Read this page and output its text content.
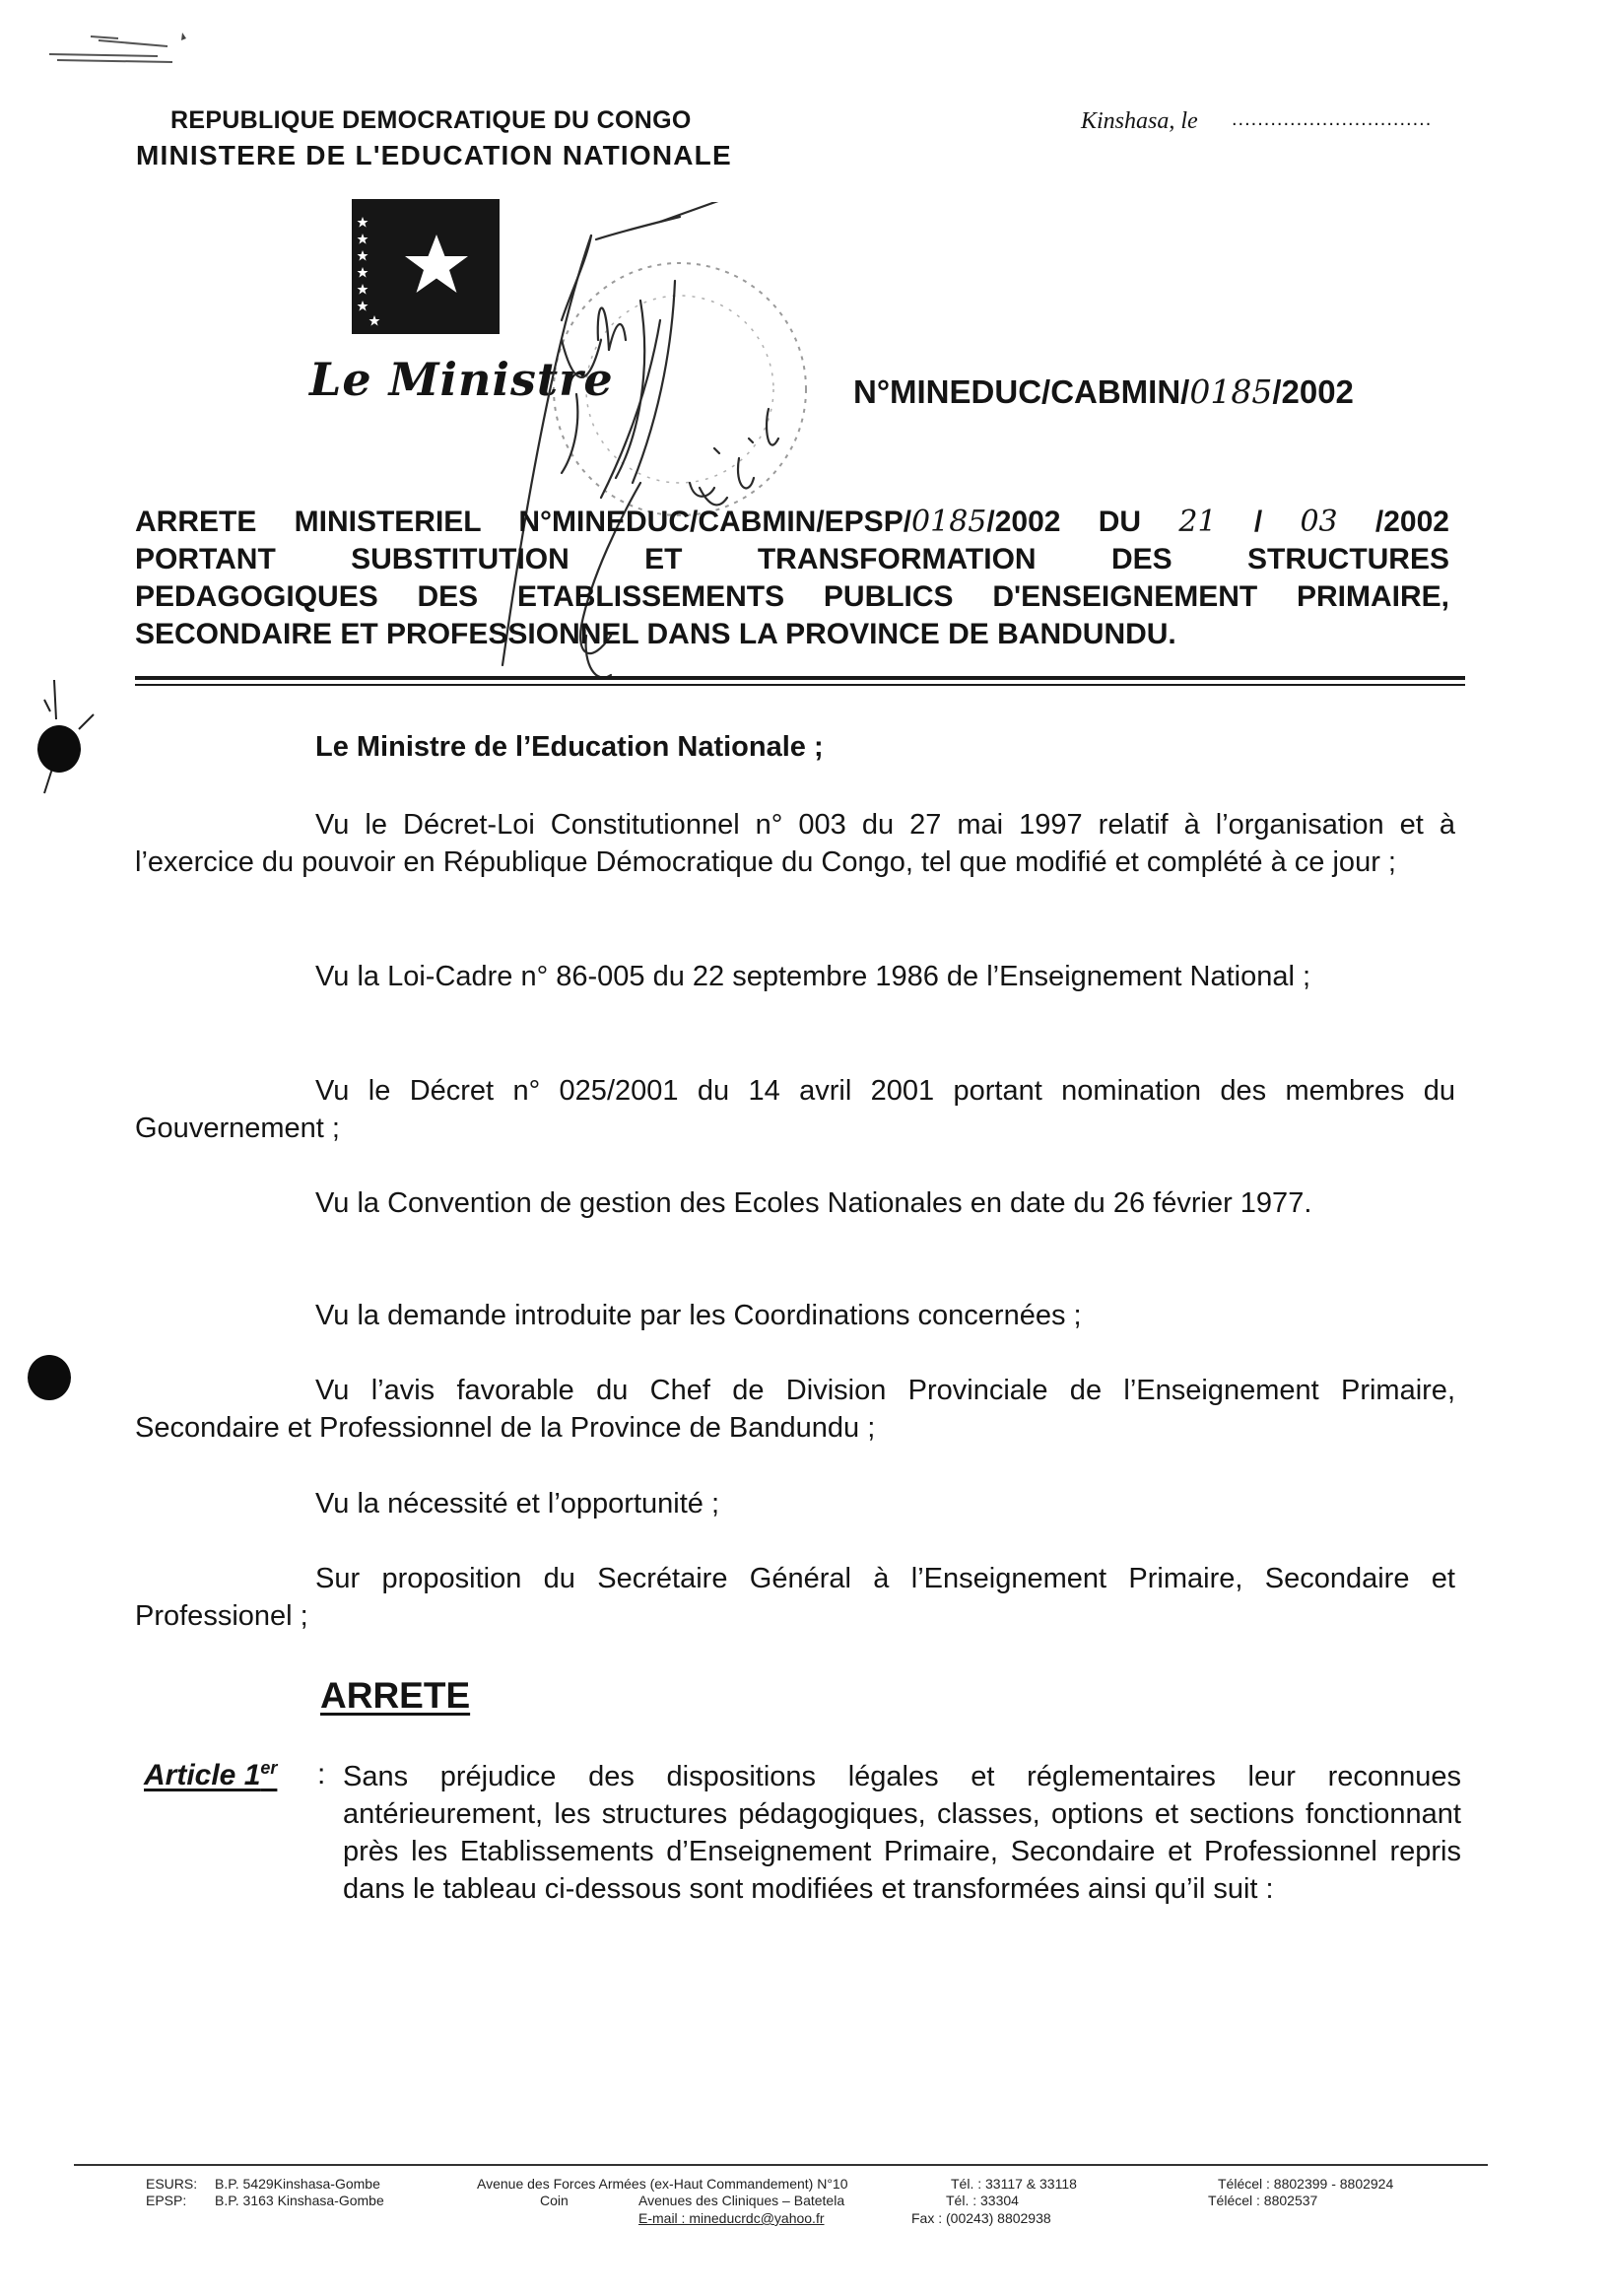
REPUBLIQUE DEMOCRATIQUE DU CONGO
MINISTERE DE L'EDUCATION NATIONALE
Kinshasa, le ...............................
Le Ministre	N°MINEDUC/CABMIN/0185/2002
ARRETE MINISTERIEL N°MINEDUC/CABMIN/EPSP/0185/2002 DU 21 / 03 /2002
PORTANT SUBSTITUTION ET TRANSFORMATION DES STRUCTURES
PEDAGOGIQUES DES ETABLISSEMENTS PUBLICS D'ENSEIGNEMENT PRIMAIRE,
SECONDAIRE ET PROFESSIONNEL DANS LA PROVINCE DE BANDUNDU.
Le Ministre de l’Education Nationale ;

Vu le Décret-Loi Constitutionnel n° 003 du 27 mai 1997 relatif à l’organisation et à l’exercice du pouvoir en République Démocratique du Congo, tel que modifié et complété à ce jour ;

Vu la Loi-Cadre n° 86-005 du 22 septembre 1986 de l’Enseignement National ;

Vu le Décret n° 025/2001 du 14 avril 2001 portant nomination des membres du Gouvernement ;

Vu la Convention de gestion des Ecoles Nationales en date du 26 février 1977.

Vu la demande introduite par les Coordinations concernées ;

Vu l’avis favorable du Chef de Division Provinciale de l’Enseignement Primaire, Secondaire et Professionnel de la Province de Bandundu ;

Vu la nécessité et l’opportunité ;

Sur proposition du Secrétaire Général à l’Enseignement Primaire, Secondaire et Professionel ;

ARRETE
Article 1er : Sans préjudice des dispositions légales et réglementaires leur reconnues antérieurement, les structures pédagogiques, classes, options et sections fonctionnant près les Etablissements d’Enseignement Primaire, Secondaire et Professionnel repris dans le tableau ci-dessous sont modifiées et transformées ainsi qu’il suit :

ESURS: B.P. 5429Kinshasa-Gombe
EPSP: B.P. 3163 Kinshasa-Gombe
Avenue des Forces Armées (ex-Haut Commandement) N°10
Coin	Avenues des Cliniques – Batetela
E-mail : mineducrdc@yahoo.fr
Tél. : 33117 & 33118
Tél. : 33304
Fax : (00243) 8802938
Télécel : 8802399 - 8802924
Télécel : 8802537
